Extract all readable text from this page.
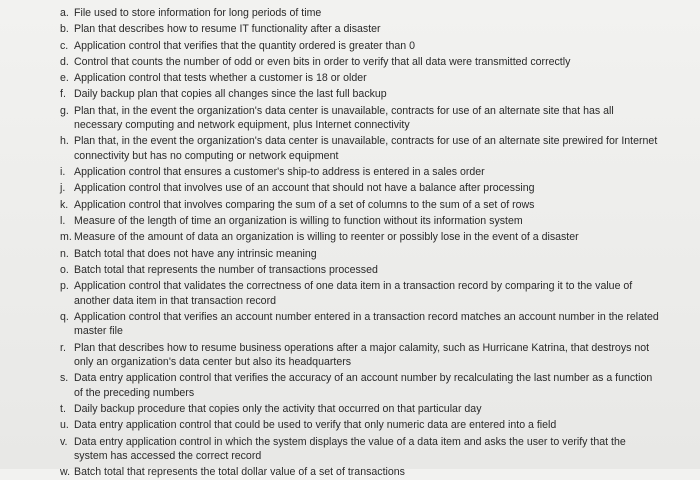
a. File used to store information for long periods of time
b. Plan that describes how to resume IT functionality after a disaster
c. Application control that verifies that the quantity ordered is greater than 0
d. Control that counts the number of odd or even bits in order to verify that all data were transmitted correctly
e. Application control that tests whether a customer is 18 or older
f. Daily backup plan that copies all changes since the last full backup
g. Plan that, in the event the organization's data center is unavailable, contracts for use of an alternate site that has all necessary computing and network equipment, plus Internet connectivity
h. Plan that, in the event the organization's data center is unavailable, contracts for use of an alternate site prewired for Internet connectivity but has no computing or network equipment
i. Application control that ensures a customer's ship-to address is entered in a sales order
j. Application control that involves use of an account that should not have a balance after processing
k. Application control that involves comparing the sum of a set of columns to the sum of a set of rows
l. Measure of the length of time an organization is willing to function without its information system
m. Measure of the amount of data an organization is willing to reenter or possibly lose in the event of a disaster
n. Batch total that does not have any intrinsic meaning
o. Batch total that represents the number of transactions processed
p. Application control that validates the correctness of one data item in a transaction record by comparing it to the value of another data item in that transaction record
q. Application control that verifies an account number entered in a transaction record matches an account number in the related master file
r. Plan that describes how to resume business operations after a major calamity, such as Hurricane Katrina, that destroys not only an organization's data center but also its headquarters
s. Data entry application control that verifies the accuracy of an account number by recalculating the last number as a function of the preceding numbers
t. Daily backup procedure that copies only the activity that occurred on that particular day
u. Data entry application control that could be used to verify that only numeric data are entered into a field
v. Data entry application control in which the system displays the value of a data item and asks the user to verify that the system has accessed the correct record
w. Batch total that represents the total dollar value of a set of transactions
